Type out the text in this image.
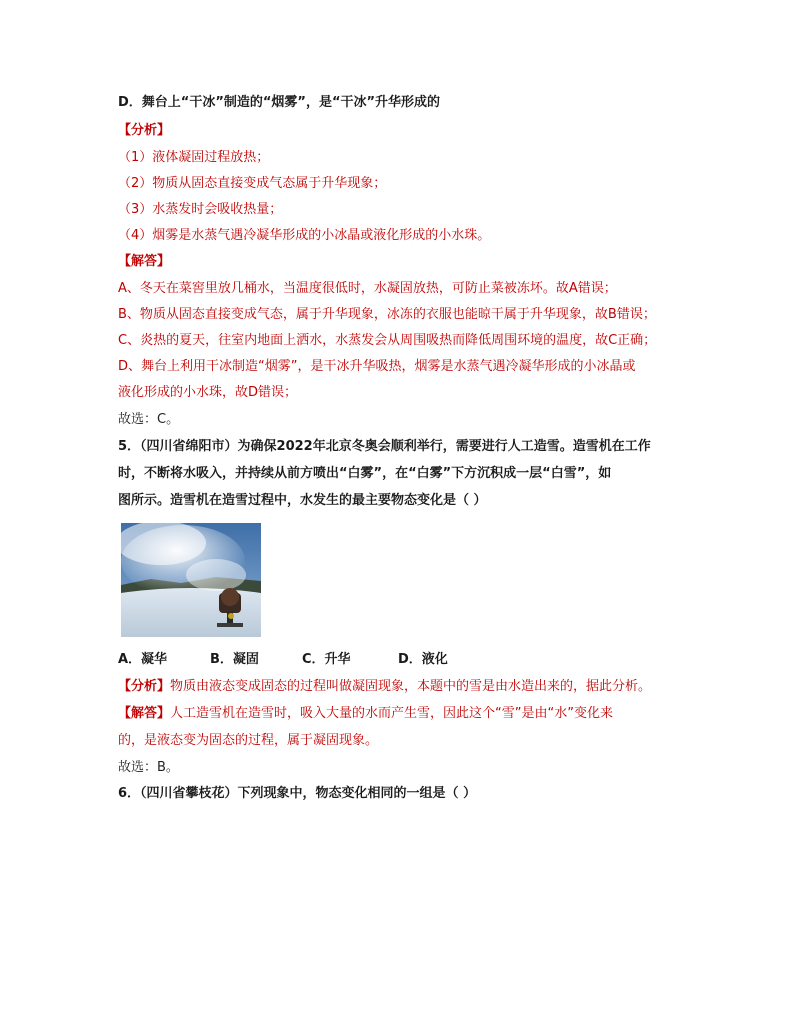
D．舞台上“干冰”制造的“烟雾”，是“干冰”升华形成的
【分析】
（1）液体凝固过程放热；
（2）物质从固态直接变成气态属于升华现象；
（3）水蒸发时会吸收热量；
（4）烟雾是水蒸气遇冷凝华形成的小冰晶或液化形成的小水珠。
【解答】
A、冬天在菜窖里放几桶水，当温度很低时，水凝固放热，可防止菜被冻坏。故A错误；
B、物质从固态直接变成气态，属于升华现象，冰冻的衣服也能晾干属于升华现象，故B错误；
C、炎热的夏天，往室内地面上洒水，水蒸发会从周围吸热而降低周围环境的温度，故C正确；
D、舞台上利用干冰制造“烟雾”，是干冰升华吸热，烟雾是水蒸气遇冷凝华形成的小冰晶或
液化形成的小水珠，故D错误；
故选：C。
5．（四川省绵阳市）为确保2022年北京冬奥会顺利举行，需要进行人工造雪。造雪机在工作
时，不断将水吸入，并持续从前方喷出“白雾”，在“白雾”下方沉积成一层“白雪”，如
图所示。造雪机在造雪过程中，水发生的最主要物态变化是（ ）
A．凝华	B．凝固	C．升华	D．液化
【分析】物质由液态变成固态的过程叫做凝固现象，本题中的雪是由水造出来的，据此分析。
【解答】人工造雪机在造雪时，吸入大量的水而产生雪，因此这个“雪”是由“水”变化来
的，是液态变为固态的过程，属于凝固现象。
故选：B。
6．（四川省攀枝花）下列现象中，物态变化相同的一组是（ ）
